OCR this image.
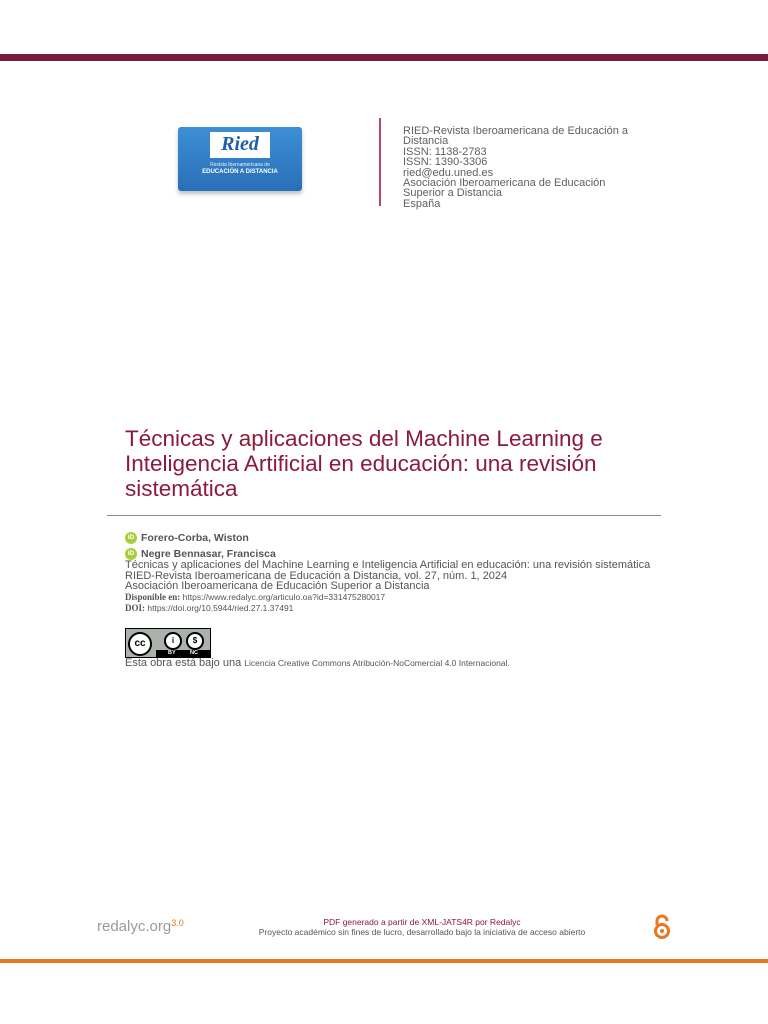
Ried
Revista Iberoamericana de
EDUCACIÓN A DISTANCIA
RIED-Revista Iberoamericana de Educación a
Distancia
ISSN: 1138-2783
ISSN: 1390-3306
ried@edu.uned.es
Asociación Iberoamericana de Educación
Superior a Distancia
España
Técnicas y aplicaciones del Machine Learning e Inteligencia Artificial en educación: una revisión sistemática
iD Forero-Corba, Wiston
iD Negre Bennasar, Francisca
Técnicas y aplicaciones del Machine Learning e Inteligencia Artificial en educación: una revisión sistemática
RIED-Revista Iberoamericana de Educación a Distancia, vol. 27, núm. 1, 2024
Asociación Iberoamericana de Educación Superior a Distancia
Disponible en: https://www.redalyc.org/articulo.oa?id=331475280017
DOI: https://doi.org/10.5944/ried.27.1.37491
cc	i	$
BY	NC
Esta obra está bajo una Licencia Creative Commons Atribución-NoComercial 4.0 Internacional.
redalyc.org$^{3.0}$	PDF generado a partir de XML-JATS4R por Redalyc
Proyecto académico sin fines de lucro, desarrollado bajo la iniciativa de acceso abierto
